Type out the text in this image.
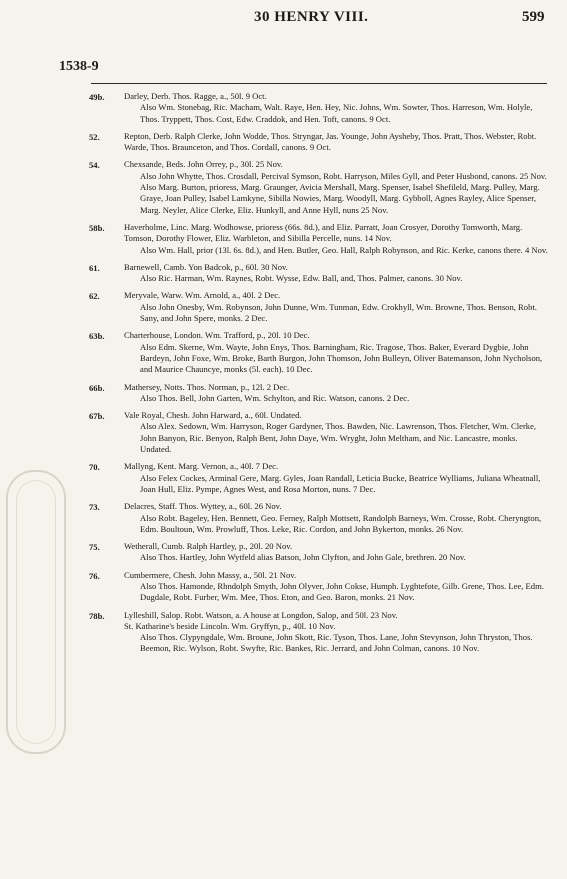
30 HENRY VIII.	599
1538-9
49b.	Darley, Derb. Thos. Ragge, a., 50l. 9 Oct.

Also Wm. Stonebag, Ric. Macham, Walt. Raye, Hen. Hey, Nic. Johns, Wm. Sowter, Thos. Harreson, Wm. Holyle, Thos. Tryppett, Thos. Cost, Edw. Craddok, and Hen. Toft, canons. 9 Oct.

52.	Repton, Derb. Ralph Clerke, John Wodde, Thos. Stryngar, Jas. Younge, John Aysheby, Thos. Pratt, Thos. Webster, Robt. Warde, Thos. Braunceton, and Thos. Cordall, canons. 9 Oct.

54.	Chexsande, Beds. John Orrey, p., 30l. 25 Nov.

Also John Whytte, Thos. Crosdall, Percival Symson, Robt. Harryson, Miles Gyll, and Peter Husbond, canons. 25 Nov.

Also Marg. Burton, prioress, Marg. Graunger, Avicia Mershall, Marg. Spenser, Isabel Shefileld, Marg. Pulley, Marg. Graye, Joan Pulley, Isabel Lamkyne, Sibilla Nowies, Marg. Woodyll, Marg. Gybboll, Agnes Rayley, Alice Spenser, Marg. Neyler, Alice Clerke, Eliz. Hunkyll, and Anne Hyll, nuns 25 Nov.

58b.	Haverholme, Linc. Marg. Wodhowse, prioress (66s. 8d.), and Eliz. Parratt, Joan Crosyer, Dorothy Tomworth, Marg. Tomson, Dorothy Flower, Eliz. Warbleton, and Sibilla Percelle, nuns. 14 Nov.

Also Wm. Hall, prior (13l. 6s. 8d.), and Hen. Butler, Geo. Hall, Ralph Robynson, and Ric. Kerke, canons there. 4 Nov.

61.	Barnewell, Camb. Yon Badcok, p., 60l. 30 Nov.

Also Ric. Harman, Wm. Raynes, Robt. Wysse, Edw. Ball, and, Thos. Palmer, canons. 30 Nov.

62.	Meryvale, Warw. Wm. Arnold, a., 40l. 2 Dec.

Also John Onesby, Wm. Robynson, John Dunne, Wm. Tunman, Edw. Crokhyll, Wm. Browne, Thos. Benson, Robt. Sany, and John Spere, monks. 2 Dec.

63b.	Charterhouse, London. Wm. Trafford, p., 20l. 10 Dec.

Also Edm. Skerne, Wm. Wayte, John Enys, Thos. Barningham, Ric. Tragose, Thos. Baker, Everard Dygbie, John Bardeyn, John Foxe, Wm. Broke, Barth Burgon, John Thomson, John Bulleyn, Oliver Batemanson, John Nycholson, and Maurice Chauncye, monks (5l. each). 10 Dec.

66b.	Mathersey, Notts. Thos. Norman, p., 12l. 2 Dec.

Also Thos. Bell, John Garten, Wm. Schylton, and Ric. Watson, canons. 2 Dec.

67b.	Vale Royal, Chesh. John Harward, a., 60l. Undated.

Also Alex. Sedown, Wm. Harryson, Roger Gardyner, Thos. Bawden, Nic. Lawrenson, Thos. Fletcher, Wm. Clerke, John Banyon, Ric. Benyon, Ralph Bent, John Daye, Wm. Wryght, John Meltham, and Nic. Lancastre, monks. Undated.

70.	Mallyng, Kent. Marg. Vernon, a., 40l. 7 Dec.

Also Felex Cockes, Arminal Gere, Marg. Gyles, Joan Randall, Leticia Bucke, Beatrice Wylliams, Juliana Wheatnall, Joan Hull, Eliz. Pympe, Agnes West, and Rosa Morton, nuns. 7 Dec.

73.	Delacres, Staff. Thos. Wyttey, a., 60l. 26 Nov.

Also Robt. Bageley, Hen. Bennett, Geo. Ferney, Ralph Mottsett, Randolph Barneys, Wm. Crosse, Robt. Cheryngton, Edm. Boultoun, Wm. Prowluff, Thos. Leke, Ric. Cordon, and John Bykerton, monks. 26 Nov.

75.	Wetherall, Cumb. Ralph Hartley, p., 20l. 20 Nov.

Also Thos. Hartley, John Wytfeld alias Batson, John Clyfton, and John Gale, brethren. 20 Nov.

76.	Cumbermere, Chesh. John Massy, a., 50l. 21 Nov.

Also Thos. Hamonde, Rhndolph Smyth, John Olyver, John Cokse, Humph. Lyghtefote, Gilb. Grene, Thos. Lee, Edm. Dugdale, Robt. Furber, Wm. Mee, Thos. Eton, and Geo. Baron, monks. 21 Nov.

78b.	Lylleshill, Salop. Robt. Watson, a. A house at Longdon, Salop, and 50l. 23 Nov.

St. Katharine's beside Lincoln. Wm. Gryffyn, p., 40l. 10 Nov.

Also Thos. Clypyngdale, Wm. Broune, John Skott, Ric. Tyson, Thos. Lane, John Stevynson, John Thryston, Thos. Beemon, Ric. Wylson, Robt. Swyfte, Ric. Bankes, Ric. Jerrard, and John Colman, canons. 10 Nov.
